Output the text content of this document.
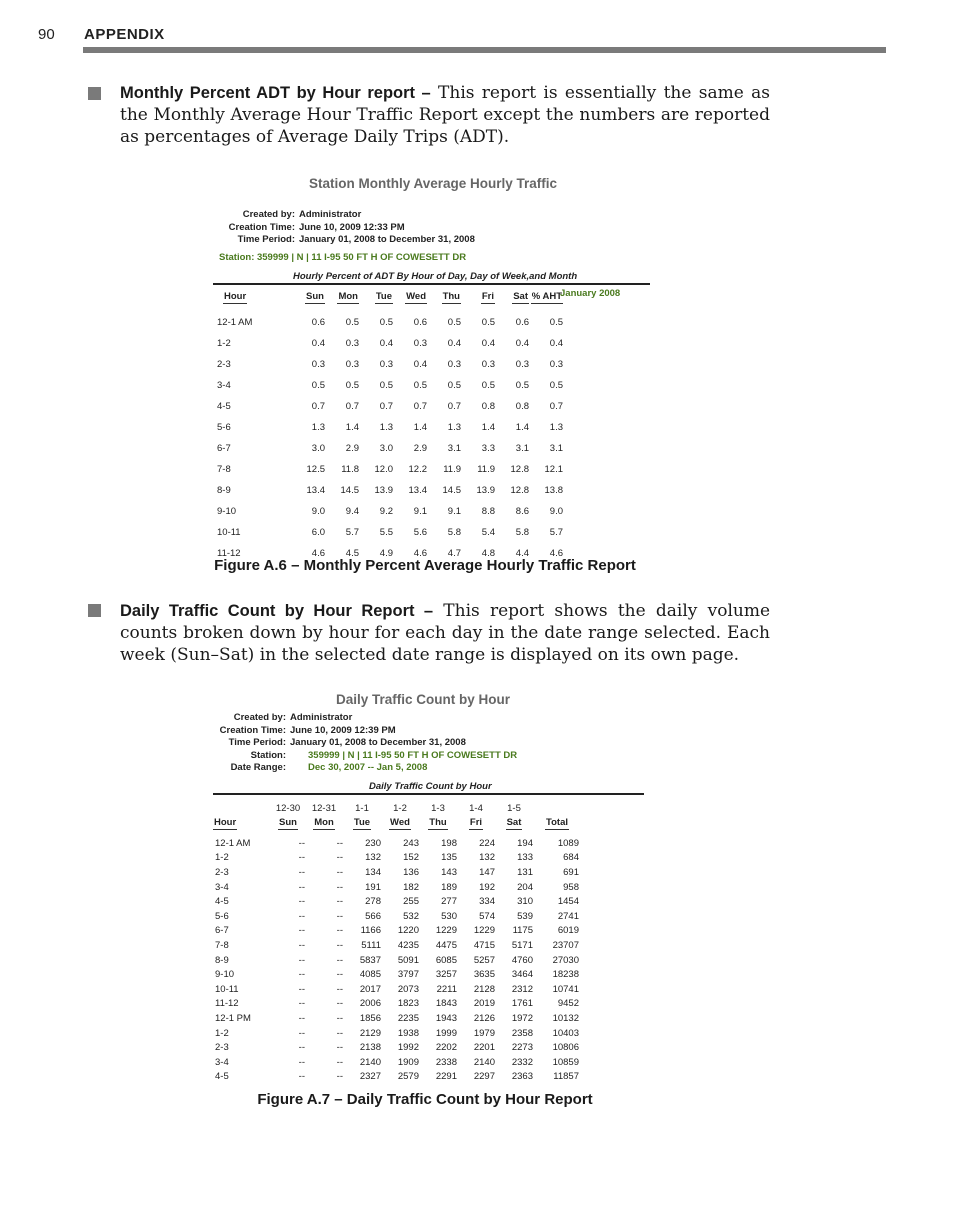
90 APPENDIX
Monthly Percent ADT by Hour report – This report is essentially the same as the Monthly Average Hour Traffic Report except the numbers are reported as percentages of Average Daily Trips (ADT).
Station Monthly Average Hourly Traffic
Created by: Administrator
Creation Time: June 10, 2009 12:33 PM
Time Period: January 01, 2008 to December 31, 2008
Station: 359999 | N | 11 I-95 50 FT H OF COWESETT DR
Hourly Percent of ADT By Hour of Day, Day of Week,and Month
January 2008
Hour	Sun	Mon	Tue	Wed	Thu	Fri	Sat	% AHT
12-1 AM	0.6	0.5	0.5	0.6	0.5	0.5	0.6	0.5
1-2	0.4	0.3	0.4	0.3	0.4	0.4	0.4	0.4
2-3	0.3	0.3	0.3	0.4	0.3	0.3	0.3	0.3
3-4	0.5	0.5	0.5	0.5	0.5	0.5	0.5	0.5
4-5	0.7	0.7	0.7	0.7	0.7	0.8	0.8	0.7
5-6	1.3	1.4	1.3	1.4	1.3	1.4	1.4	1.3
6-7	3.0	2.9	3.0	2.9	3.1	3.3	3.1	3.1
7-8	12.5	11.8	12.0	12.2	11.9	11.9	12.8	12.1
8-9	13.4	14.5	13.9	13.4	14.5	13.9	12.8	13.8
9-10	9.0	9.4	9.2	9.1	9.1	8.8	8.6	9.0
10-11	6.0	5.7	5.5	5.6	5.8	5.4	5.8	5.7
11-12	4.6	4.5	4.9	4.6	4.7	4.8	4.4	4.6
Figure A.6 – Monthly Percent Average Hourly Traffic Report
Daily Traffic Count by Hour Report – This report shows the daily volume counts broken down by hour for each day in the date range selected. Each week (Sun–Sat) in the selected date range is displayed on its own page.
Daily Traffic Count by Hour
Created by: Administrator
Creation Time: June 10, 2009 12:39 PM
Time Period: January 01, 2008 to December 31, 2008
Station: 359999 | N | 11 I-95 50 FT H OF COWESETT DR
Date Range: Dec 30, 2007 -- Jan 5, 2008
Daily Traffic Count by Hour
	12-30	12-31	1-1	1-2	1-3	1-4	1-5	
Hour	Sun	Mon	Tue	Wed	Thu	Fri	Sat	Total
12-1 AM	--	--	230	243	198	224	194	1089
1-2	--	--	132	152	135	132	133	684
2-3	--	--	134	136	143	147	131	691
3-4	--	--	191	182	189	192	204	958
4-5	--	--	278	255	277	334	310	1454
5-6	--	--	566	532	530	574	539	2741
6-7	--	--	1166	1220	1229	1229	1175	6019
7-8	--	--	5111	4235	4475	4715	5171	23707
8-9	--	--	5837	5091	6085	5257	4760	27030
9-10	--	--	4085	3797	3257	3635	3464	18238
10-11	--	--	2017	2073	2211	2128	2312	10741
11-12	--	--	2006	1823	1843	2019	1761	9452
12-1 PM	--	--	1856	2235	1943	2126	1972	10132
1-2	--	--	2129	1938	1999	1979	2358	10403
2-3	--	--	2138	1992	2202	2201	2273	10806
3-4	--	--	2140	1909	2338	2140	2332	10859
4-5	--	--	2327	2579	2291	2297	2363	11857
Figure A.7 – Daily Traffic Count by Hour Report
